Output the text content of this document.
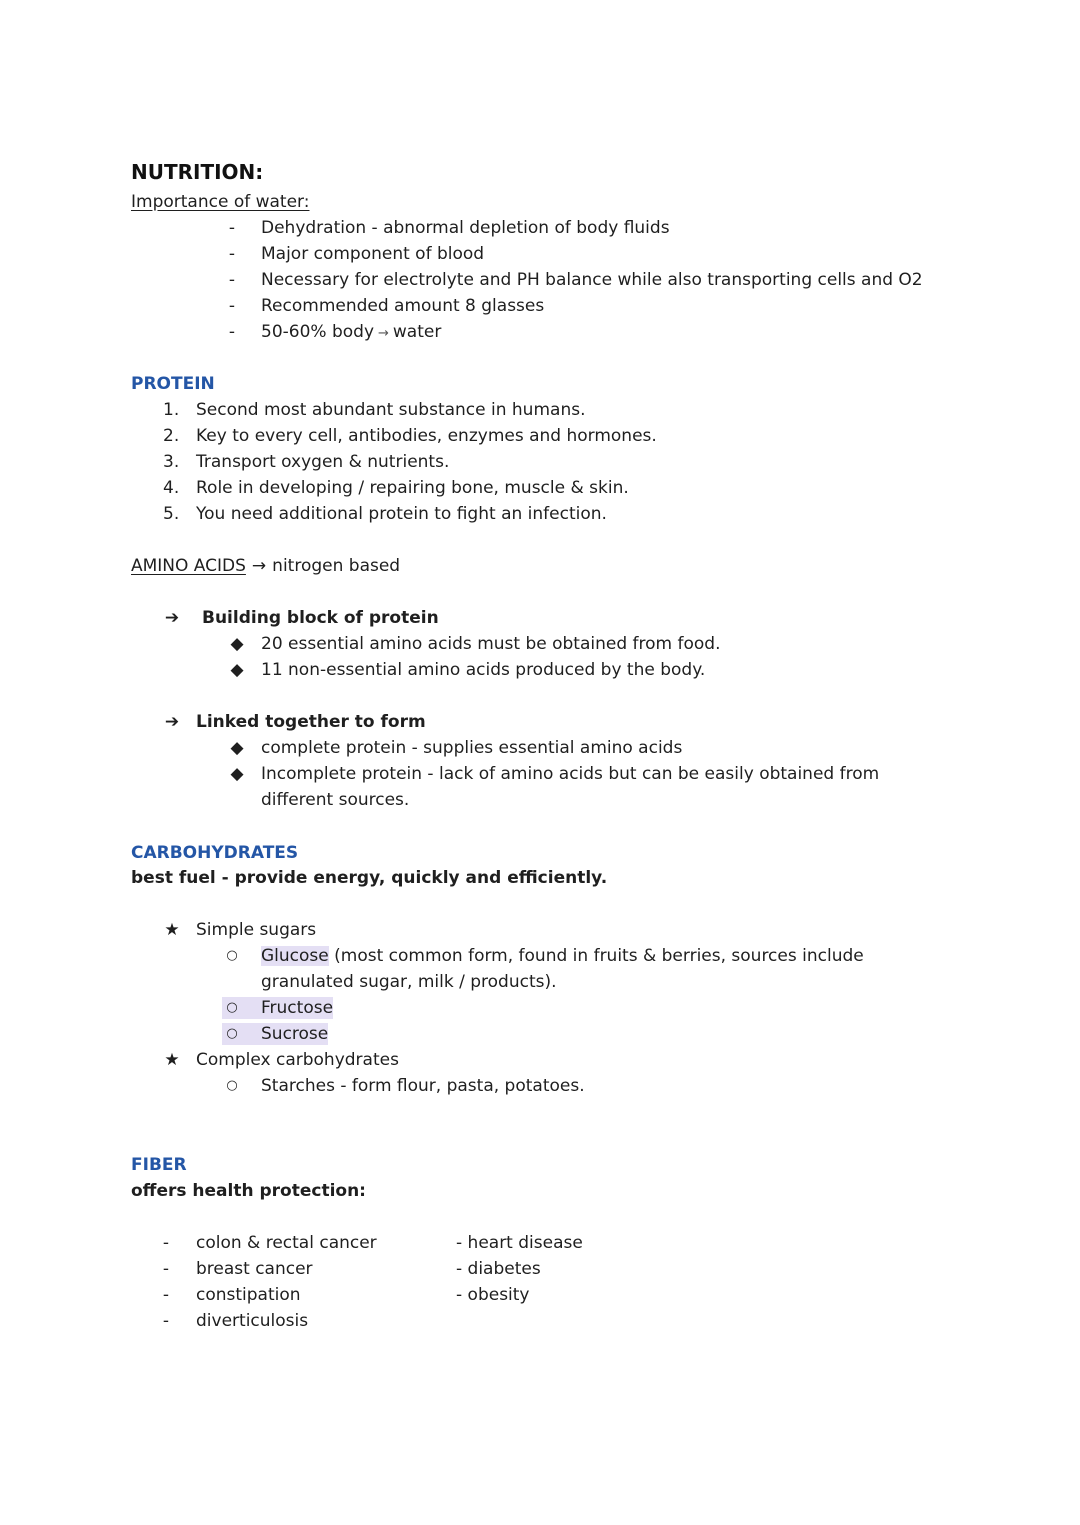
NUTRITION:
Importance of water:
-	Dehydration - abnormal depletion of body fluids
-	Major component of blood
-	Necessary for electrolyte and PH balance while also transporting cells and O2
-	Recommended amount 8 glasses
-	50-60% body → water
PROTEIN
1. Second most abundant substance in humans.
2. Key to every cell, antibodies, enzymes and hormones.
3. Transport oxygen & nutrients.
4. Role in developing / repairing bone, muscle & skin.
5. You need additional protein to fight an infection.
AMINO ACIDS → nitrogen based
➔ Building block of protein
◆ 20 essential amino acids must be obtained from food.
◆ 11 non-essential amino acids produced by the body.
➔ Linked together to form
◆ complete protein - supplies essential amino acids
◆ Incomplete protein - lack of amino acids but can be easily obtained from
different sources.
CARBOHYDRATES
best fuel - provide energy, quickly and efficiently.
★ Simple sugars
○ Glucose (most common form, found in fruits & berries, sources include
granulated sugar, milk / products).
○	Fructose
○	Sucrose
★ Complex carbohydrates
○ Starches - form flour, pasta, potatoes.
FIBER
offers health protection:
-	colon & rectal cancer
-	breast cancer
-	constipation
-	diverticulosis
- heart disease
- diabetes
- obesity
